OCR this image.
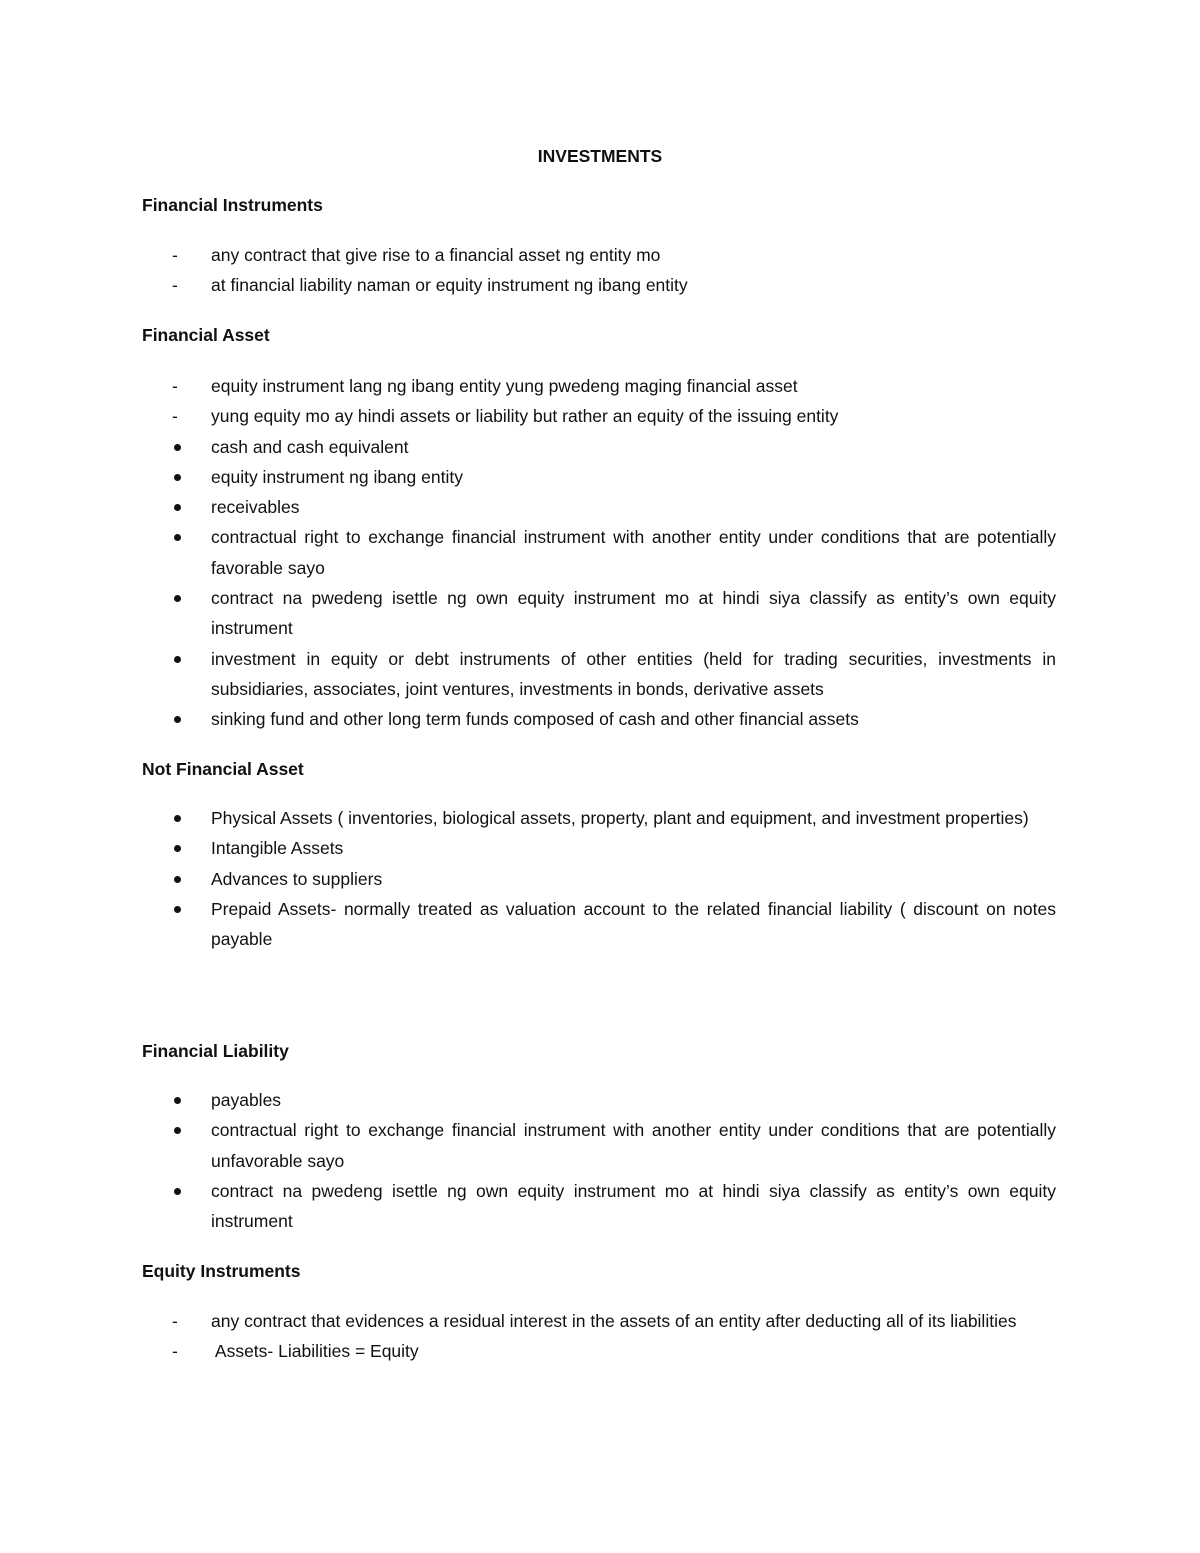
INVESTMENTS
Financial Instruments
-
any contract that give rise to a financial asset ng entity mo
-
at financial liability naman or equity instrument ng ibang entity
Financial Asset
-
equity instrument lang ng ibang entity yung pwedeng maging financial asset
-
yung equity mo ay hindi assets or liability but rather an equity of the issuing entity
cash and cash equivalent
equity instrument ng ibang entity
receivables
contractual right to exchange financial instrument with another entity under conditions that are potentially favorable sayo
contract na pwedeng isettle ng own equity instrument mo at hindi siya classify as entity’s own equity instrument
investment in equity or debt instruments of other entities (held for trading securities, investments in subsidiaries, associates, joint ventures, investments in bonds, derivative assets
sinking fund and other long term funds composed of cash and other financial assets
Not Financial Asset
Physical Assets ( inventories, biological assets, property, plant and equipment, and investment properties)
Intangible Assets
Advances to suppliers
Prepaid Assets- normally treated as valuation account to the related financial liability ( discount on notes payable
Financial Liability
payables
contractual right to exchange financial instrument with another entity under conditions that are potentially unfavorable sayo
contract na pwedeng isettle ng own equity instrument mo at hindi siya classify as entity’s own equity instrument
Equity Instruments
-
any contract that evidences a residual interest in the assets of an entity after deducting all of its liabilities
-
Assets- Liabilities = Equity
